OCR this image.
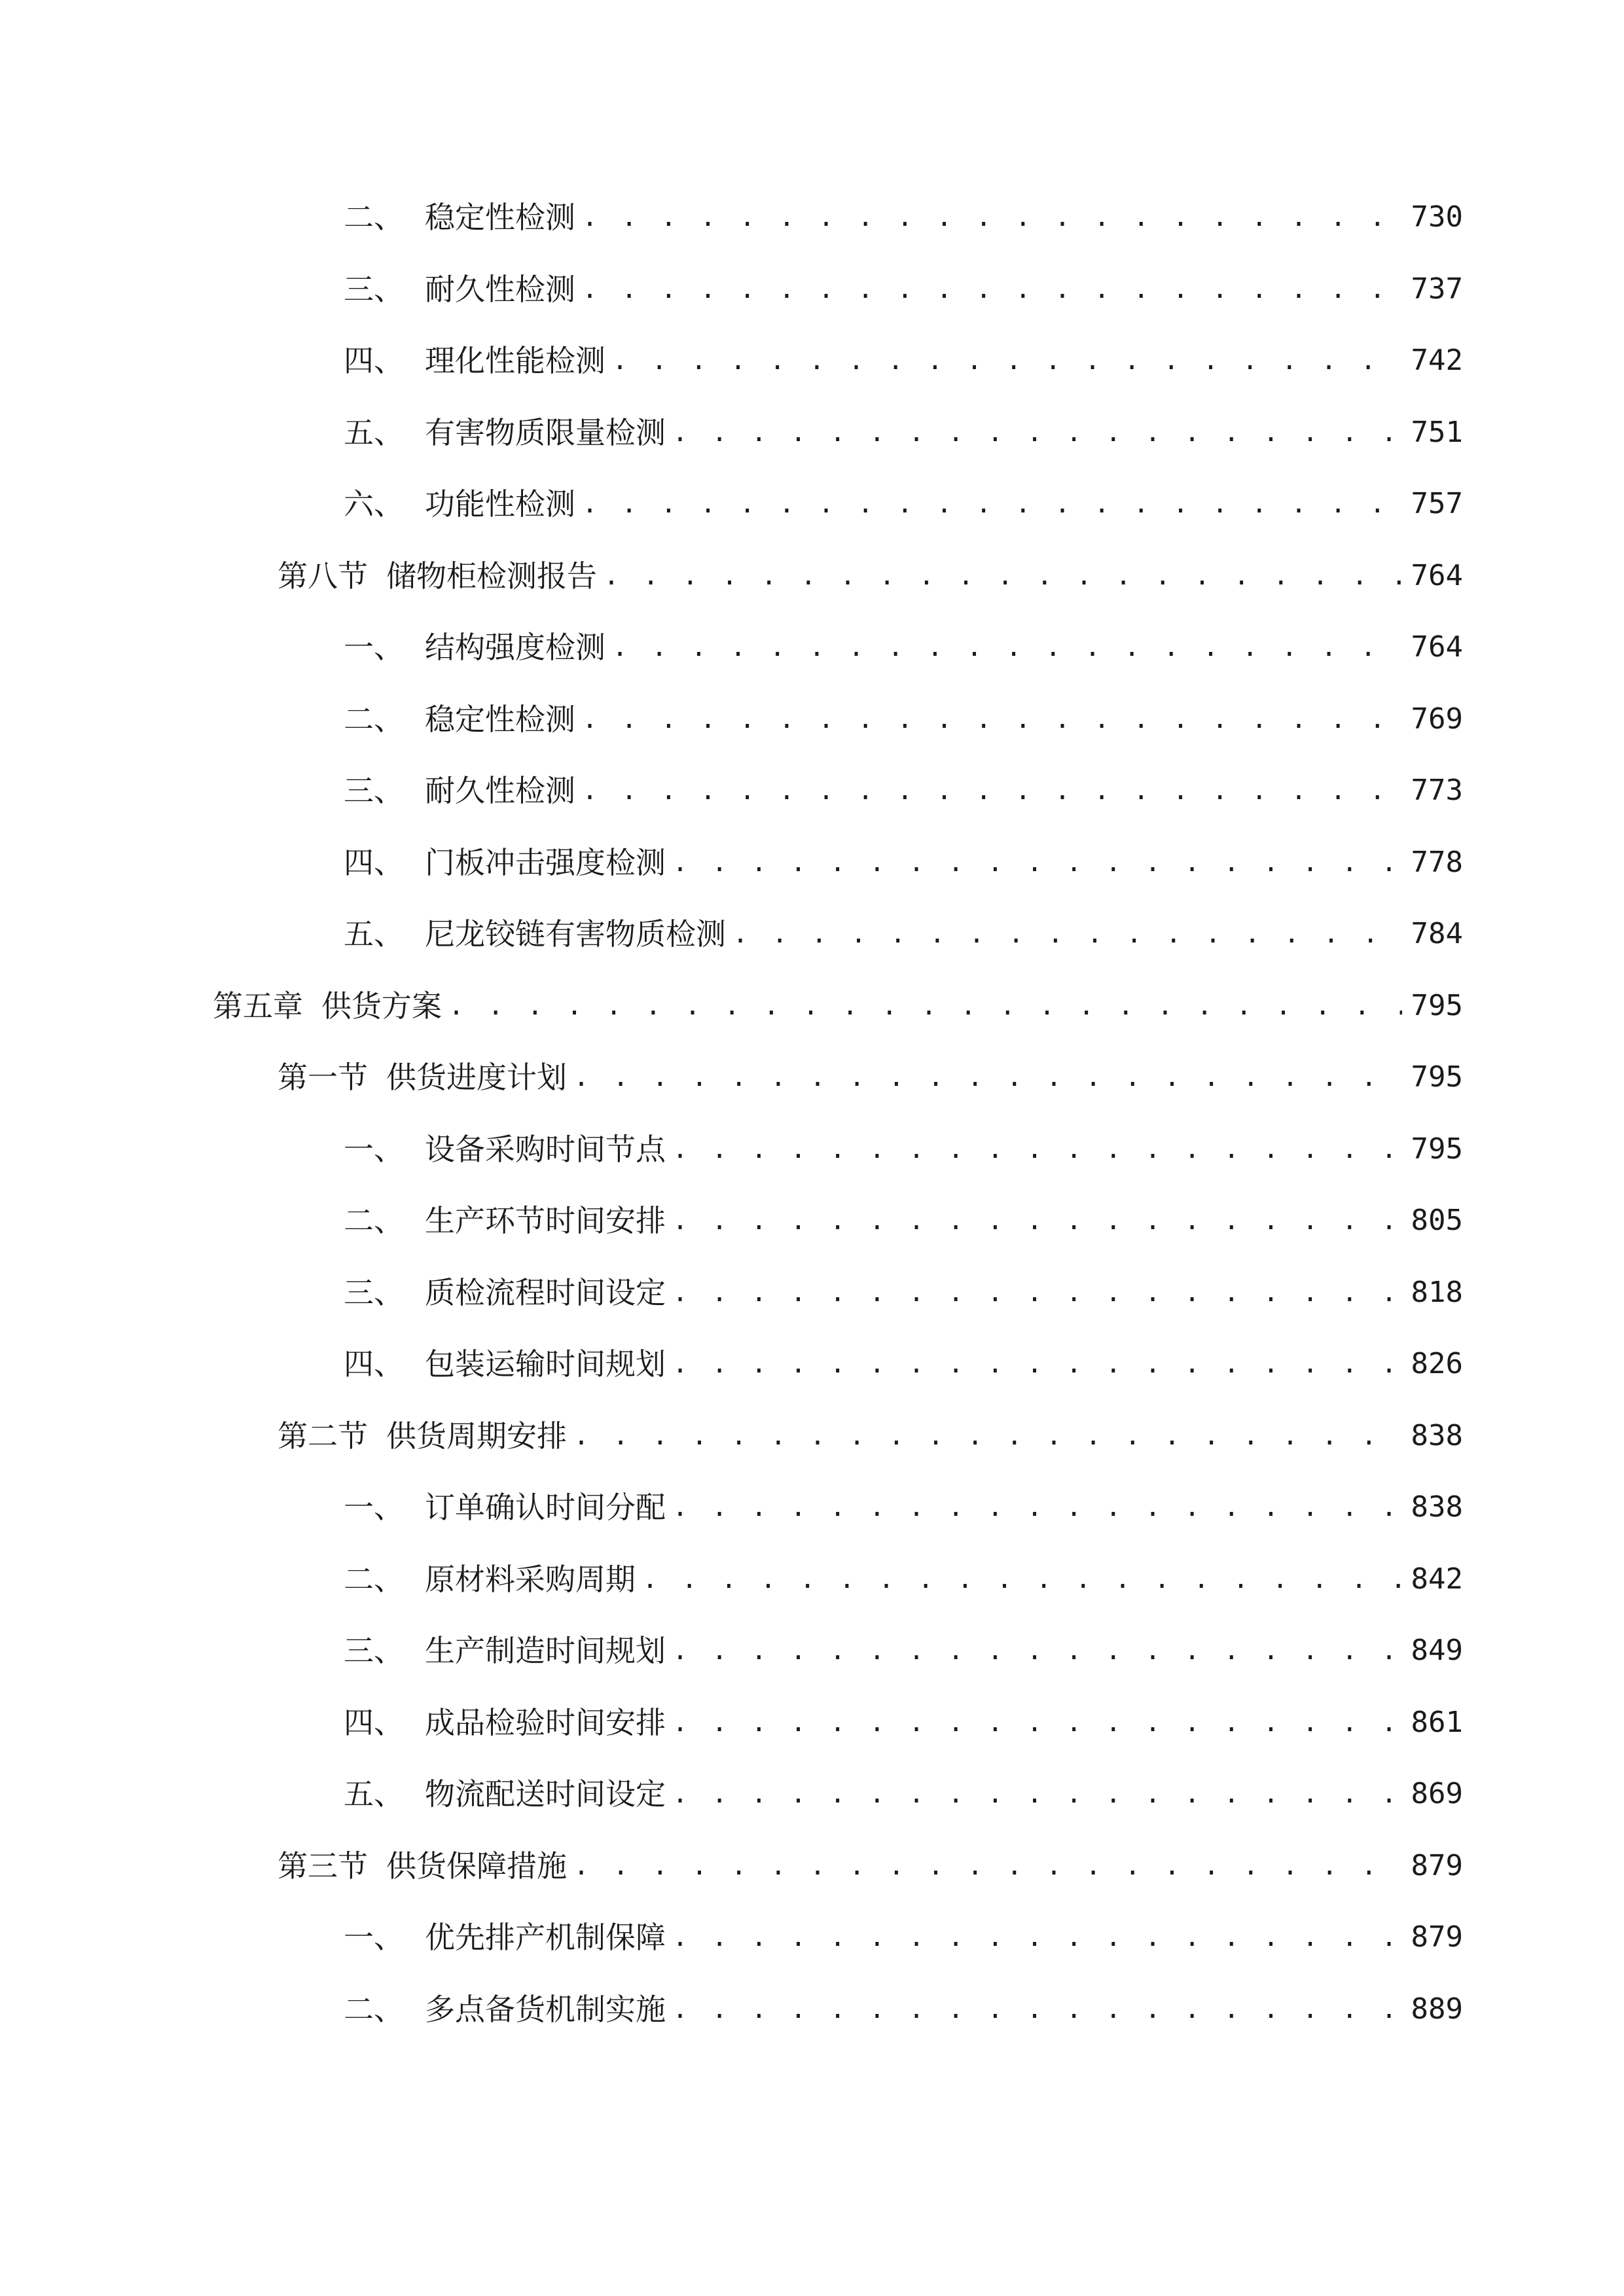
二、 稳定性检测 . . .	730
三、 耐久性检测 . . .	737
四、 理化性能检测 . . .	742
五、 有害物质限量检测 . . .	751
六、 功能性检测 . . .	757
第八节 储物柜检测报告 . . .	764
一、 结构强度检测 . . .	764
二、 稳定性检测 . . .	769
三、 耐久性检测 . . .	773
四、 门板冲击强度检测 . . .	778
五、 尼龙铰链有害物质检测 . . .	784
第五章 供货方案 . . .	795
第一节 供货进度计划 . . .	795
一、 设备采购时间节点 . . .	795
二、 生产环节时间安排 . . .	805
三、 质检流程时间设定 . . .	818
四、 包装运输时间规划 . . .	826
第二节 供货周期安排 . . .	838
一、 订单确认时间分配 . . .	838
二、 原材料采购周期 . . .	842
三、 生产制造时间规划 . . .	849
四、 成品检验时间安排 . . .	861
五、 物流配送时间设定 . . .	869
第三节 供货保障措施 . . .	879
一、 优先排产机制保障 . . .	879
二、 多点备货机制实施 . . .	889
